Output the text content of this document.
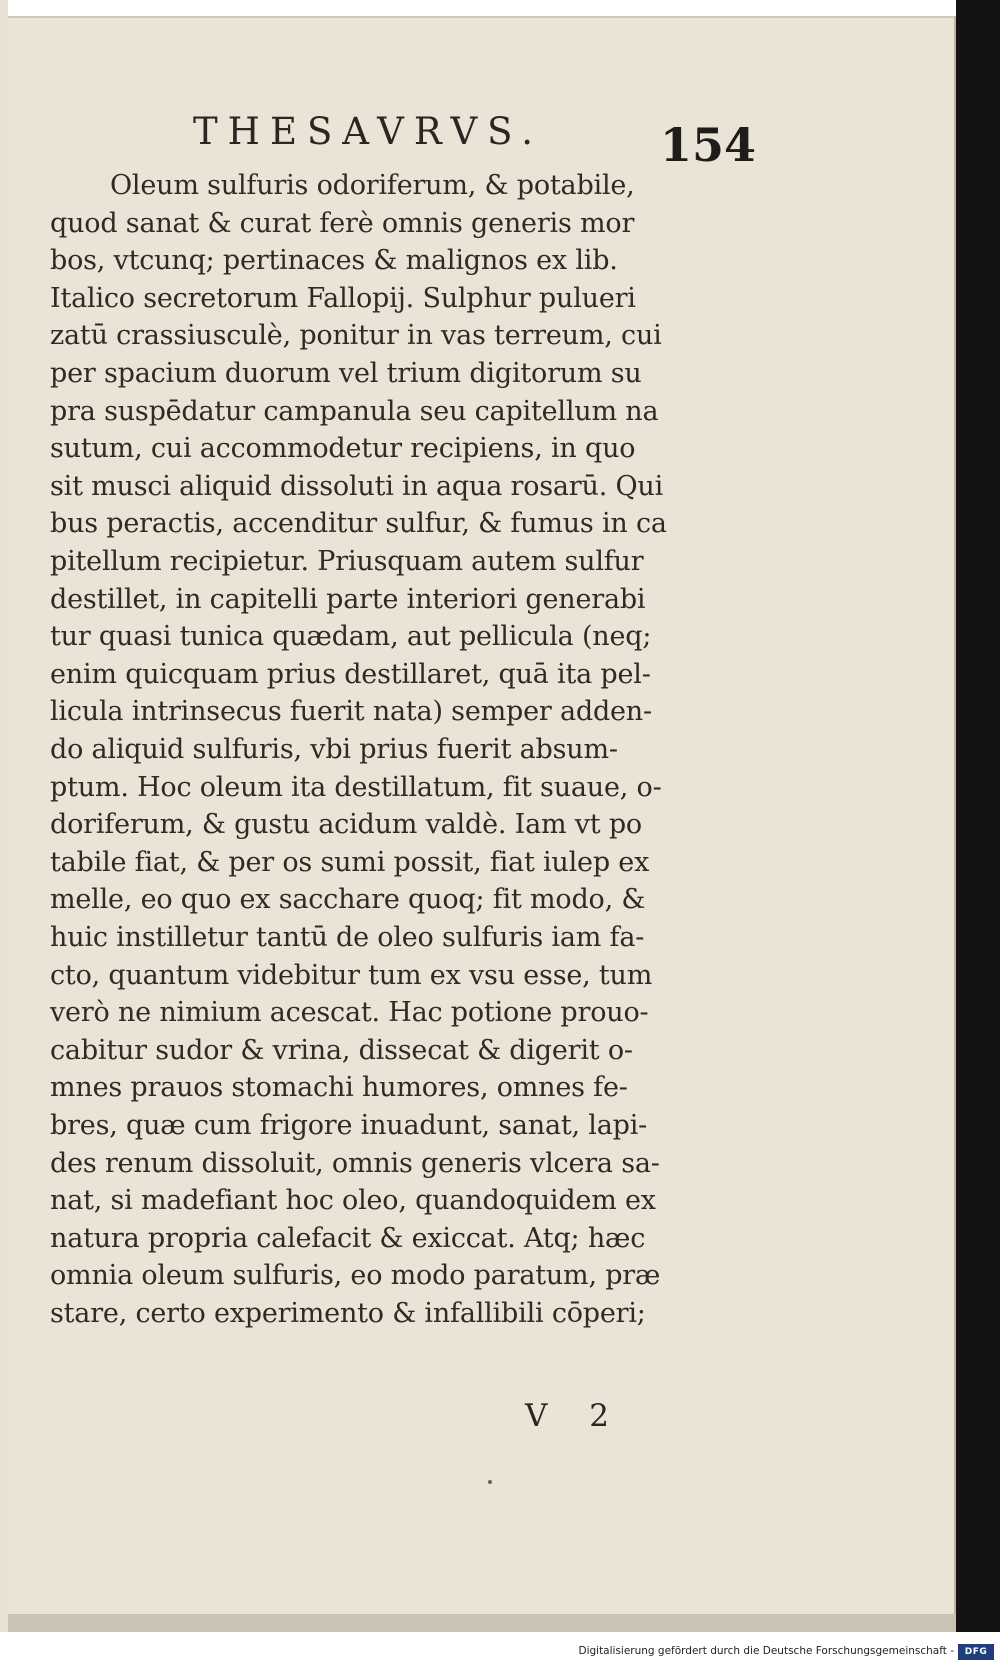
THESAVRVS.	154
Oleum sulfuris odoriferum, & potabile,
quod sanat & curat ferè omnis generis mor
bos, vtcunq; pertinaces & malignos ex lib.
Italico secretorum Fallopij. Sulphur pulueri
zatū crassiusculè, ponitur in vas terreum, cui
per spacium duorum vel trium digitorum su
pra suspēdatur campanula seu capitellum na
sutum, cui accommodetur recipiens, in quo
sit musci aliquid dissoluti in aqua rosarū. Qui
bus peractis, accenditur sulfur, & fumus in ca
pitellum recipietur. Priusquam autem sulfur
destillet, in capitelli parte interiori generabi
tur quasi tunica quædam, aut pellicula (neq;
enim quicquam prius destillaret, quā ita pel-
licula intrinsecus fuerit nata) semper adden-
do aliquid sulfuris, vbi prius fuerit absum-
ptum. Hoc oleum ita destillatum, fit suaue, o-
doriferum, & gustu acidum valdè. Iam vt po
tabile fiat, & per os sumi possit, fiat iulep ex
melle, eo quo ex sacchare quoq; fit modo, &
huic instilletur tantū de oleo sulfuris iam fa-
cto, quantum videbitur tum ex vsu esse, tum
verò ne nimium acescat. Hac potione prouo-
cabitur sudor & vrina, dissecat & digerit o-
mnes prauos stomachi humores, omnes fe-
bres, quæ cum frigore inuadunt, sanat, lapi-
des renum dissoluit, omnis generis vlcera sa-
nat, si madefiant hoc oleo, quandoquidem ex
natura propria calefacit & exiccat. Atq; hæc
omnia oleum sulfuris, eo modo paratum, præ
stare, certo experimento & infallibili cōperi;
V 2
Digitalisierung gefördert durch die Deutsche Forschungsgemeinschaft -	DFG
